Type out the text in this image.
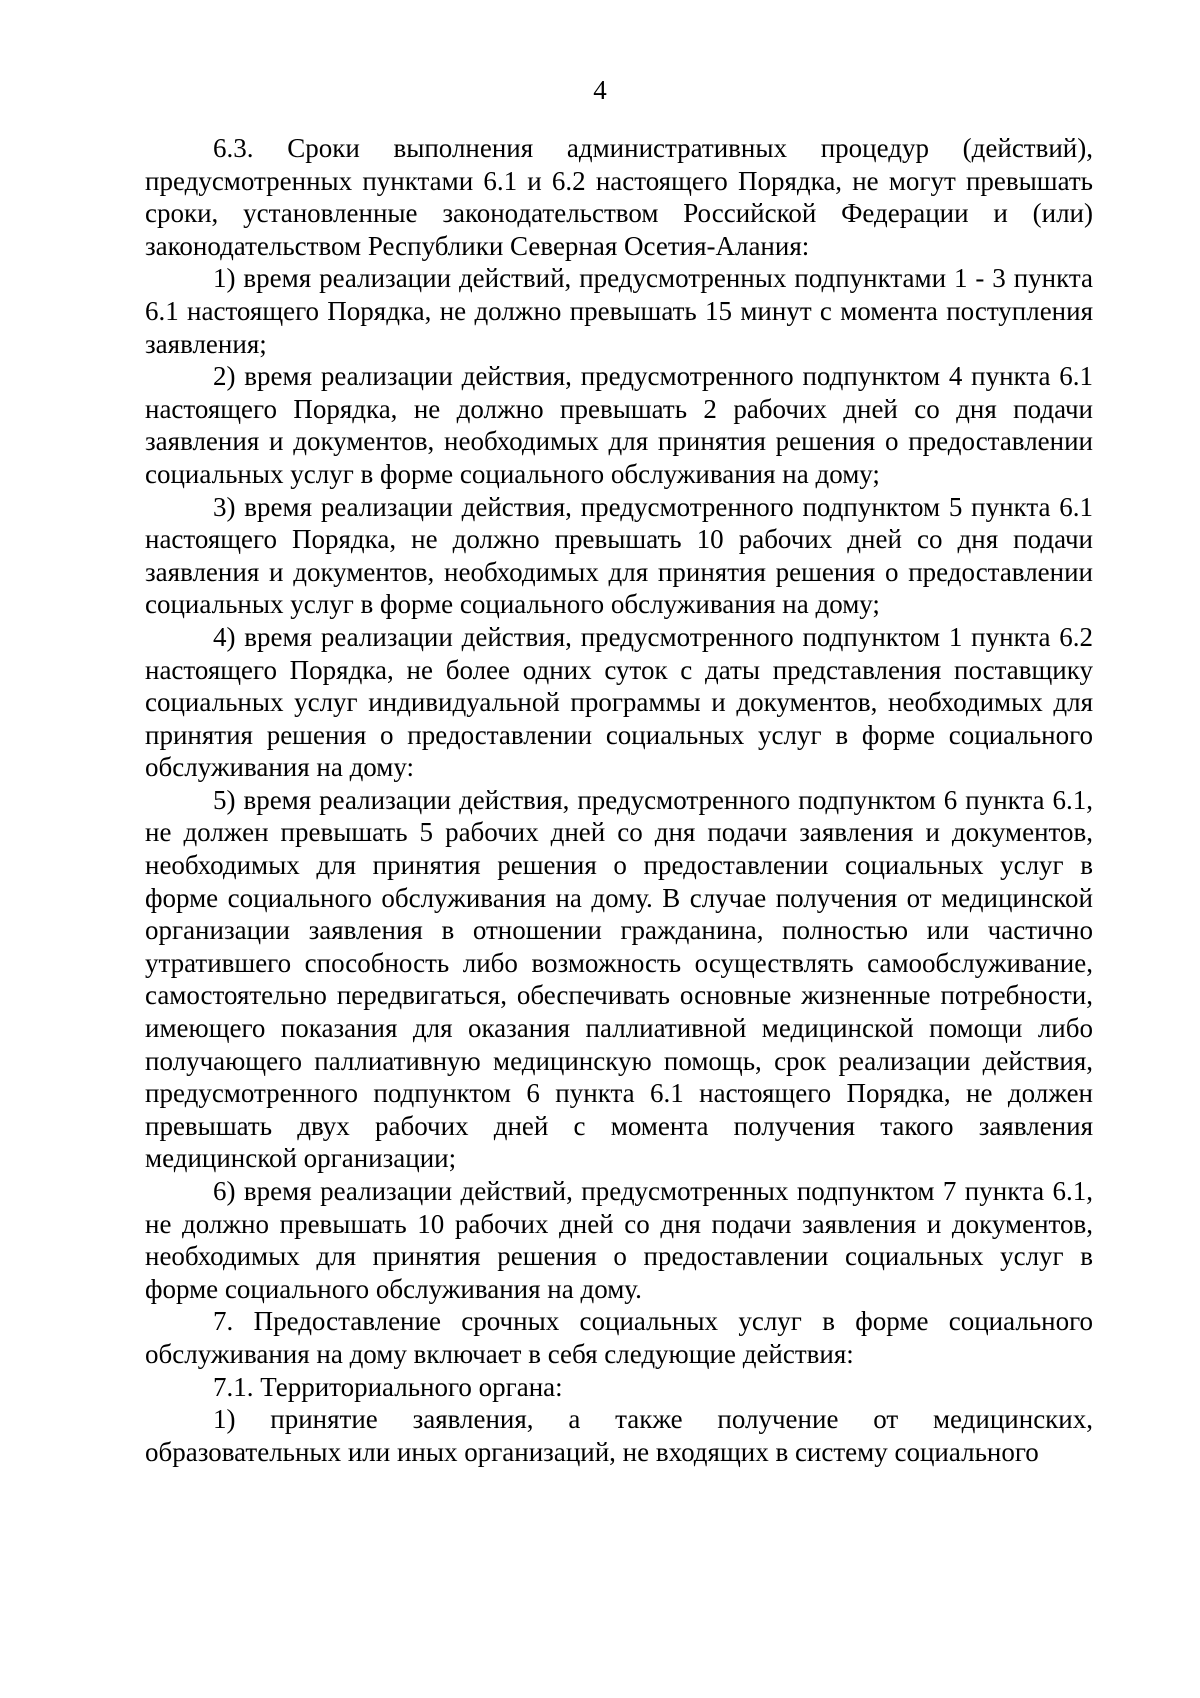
4

6.3. Сроки выполнения административных процедур (действий), предусмотренных пунктами 6.1 и 6.2 настоящего Порядка, не могут превышать сроки, установленные законодательством Российской Федерации и (или) законодательством Республики Северная Осетия-Алания:

1) время реализации действий, предусмотренных подпунктами 1 - 3 пункта 6.1 настоящего Порядка, не должно превышать 15 минут с момента поступления заявления;

2) время реализации действия, предусмотренного подпунктом 4 пункта 6.1 настоящего Порядка, не должно превышать 2 рабочих дней со дня подачи заявления и документов, необходимых для принятия решения о предоставлении социальных услуг в форме социального обслуживания на дому;

3) время реализации действия, предусмотренного подпунктом 5 пункта 6.1 настоящего Порядка, не должно превышать 10 рабочих дней со дня подачи заявления и документов, необходимых для принятия решения о предоставлении социальных услуг в форме социального обслуживания на дому;

4) время реализации действия, предусмотренного подпунктом 1 пункта 6.2 настоящего Порядка, не более одних суток с даты представления поставщику социальных услуг индивидуальной программы и документов, необходимых для принятия решения о предоставлении социальных услуг в форме социального обслуживания на дому:

5) время реализации действия, предусмотренного подпунктом 6 пункта 6.1, не должен превышать 5 рабочих дней со дня подачи заявления и документов, необходимых для принятия решения о предоставлении социальных услуг в форме социального обслуживания на дому. В случае получения от медицинской организации заявления в отношении гражданина, полностью или частично утратившего способность либо возможность осуществлять самообслуживание, самостоятельно передвигаться, обеспечивать основные жизненные потребности, имеющего показания для оказания паллиативной медицинской помощи либо получающего паллиативную медицинскую помощь, срок реализации действия, предусмотренного подпунктом 6 пункта 6.1 настоящего Порядка, не должен превышать двух рабочих дней с момента получения такого заявления медицинской организации;

6) время реализации действий, предусмотренных подпунктом 7 пункта 6.1, не должно превышать 10 рабочих дней со дня подачи заявления и документов, необходимых для принятия решения о предоставлении социальных услуг в форме социального обслуживания на дому.

7. Предоставление срочных социальных услуг в форме социального обслуживания на дому включает в себя следующие действия:

7.1. Территориального органа:

1) принятие заявления, а также получение от медицинских, образовательных или иных организаций, не входящих в систему социального
